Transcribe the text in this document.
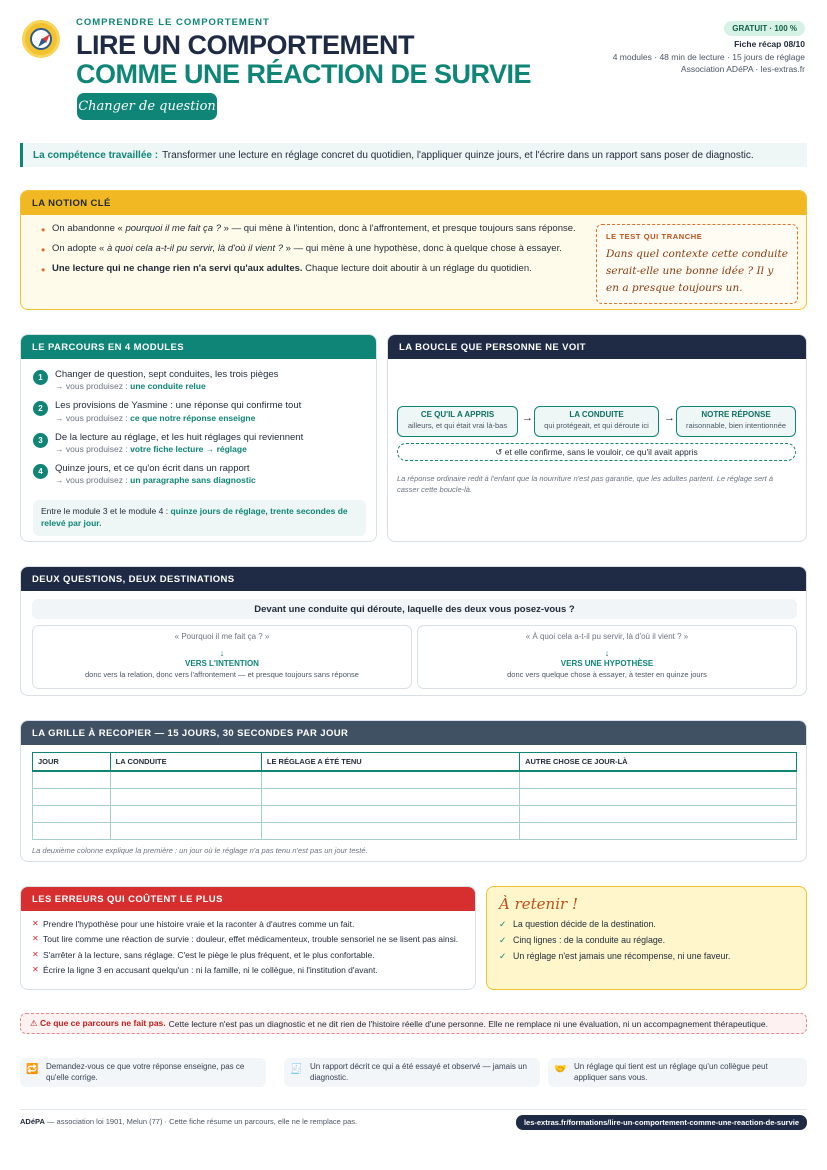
COMPRENDRE LE COMPORTEMENT
LIRE UN COMPORTEMENT
COMME UNE RÉACTION DE SURVIE
Changer de question
GRATUIT · 100 %
Fiche récap 08/10
4 modules · 48 min de lecture · 15 jours de réglage
Association ADéPA · les-extras.fr
La compétence travaillée : Transformer une lecture en réglage concret du quotidien, l'appliquer quinze jours, et l'écrire dans un rapport sans poser de diagnostic.
LA NOTION CLÉ
• On abandonne « pourquoi il me fait ça ? » — qui mène à l'intention, donc à l'affrontement, et presque toujours sans réponse.
• On adopte « à quoi cela a-t-il pu servir, là d'où il vient ? » — qui mène à une hypothèse, donc à quelque chose à essayer.
• Une lecture qui ne change rien n'a servi qu'aux adultes. Chaque lecture doit aboutir à un réglage du quotidien.
LE TEST QUI TRANCHE
Dans quel contexte cette conduite serait-elle une bonne idée ? Il y en a presque toujours un.
LE PARCOURS EN 4 MODULES
1	Changer de question, sept conduites, les trois pièges
→ vous produisez : une conduite relue
2	Les provisions de Yasmine : une réponse qui confirme tout
→ vous produisez : ce que notre réponse enseigne
3	De la lecture au réglage, et les huit réglages qui reviennent
→ vous produisez : votre fiche lecture → réglage
4	Quinze jours, et ce qu'on écrit dans un rapport
→ vous produisez : un paragraphe sans diagnostic
Entre le module 3 et le module 4 : quinze jours de réglage, trente secondes de relevé par jour.
LA BOUCLE QUE PERSONNE NE VOIT
CE QU'IL A APPRIS
ailleurs, et qui était vrai là-bas
→	LA CONDUITE
qui protégeait, et qui déroute ici
→	NOTRE RÉPONSE
raisonnable, bien intentionnée
↺ et elle confirme, sans le vouloir, ce qu'il avait appris
La réponse ordinaire redit à l'enfant que la nourriture n'est pas garantie, que les adultes partent. Le réglage sert à casser cette boucle-là.
DEUX QUESTIONS, DEUX DESTINATIONS
Devant une conduite qui déroute, laquelle des deux vous posez-vous ?
« Pourquoi il me fait ça ? »
↓
VERS L'INTENTION
donc vers la relation, donc vers l'affrontement — et presque toujours sans réponse
« À quoi cela a-t-il pu servir, là d'où il vient ? »
↓
VERS UNE HYPOTHÈSE
donc vers quelque chose à essayer, à tester en quinze jours
LA GRILLE À RECOPIER — 15 JOURS, 30 SECONDES PAR JOUR
JOUR	LA CONDUITE	LE RÉGLAGE A ÉTÉ TENU	AUTRE CHOSE CE JOUR-LÀ

La deuxième colonne explique la première : un jour où le réglage n'a pas tenu n'est pas un jour testé.
LES ERREURS QUI COÛTENT LE PLUS
✕ Prendre l'hypothèse pour une histoire vraie et la raconter à d'autres comme un fait.
✕ Tout lire comme une réaction de survie : douleur, effet médicamenteux, trouble sensoriel ne se lisent pas ainsi.
✕ S'arrêter à la lecture, sans réglage. C'est le piège le plus fréquent, et le plus confortable.
✕ Écrire la ligne 3 en accusant quelqu'un : ni la famille, ni le collègue, ni l'institution d'avant.
À retenir !
✓ La question décide de la destination.
✓ Cinq lignes : de la conduite au réglage.
✓ Un réglage n'est jamais une récompense, ni une faveur.
⚠ Ce que ce parcours ne fait pas. Cette lecture n'est pas un diagnostic et ne dit rien de l'histoire réelle d'une personne. Elle ne remplace ni une évaluation, ni un accompagnement thérapeutique.
🔁 Demandez-vous ce que votre réponse enseigne, pas ce qu'elle corrige.
🧾 Un rapport décrit ce qui a été essayé et observé — jamais un diagnostic.
🤝 Un réglage qui tient est un réglage qu'un collègue peut appliquer sans vous.
ADéPA — association loi 1901, Melun (77) · Cette fiche résume un parcours, elle ne le remplace pas.	les-extras.fr/formations/lire-un-comportement-comme-une-reaction-de-survie
